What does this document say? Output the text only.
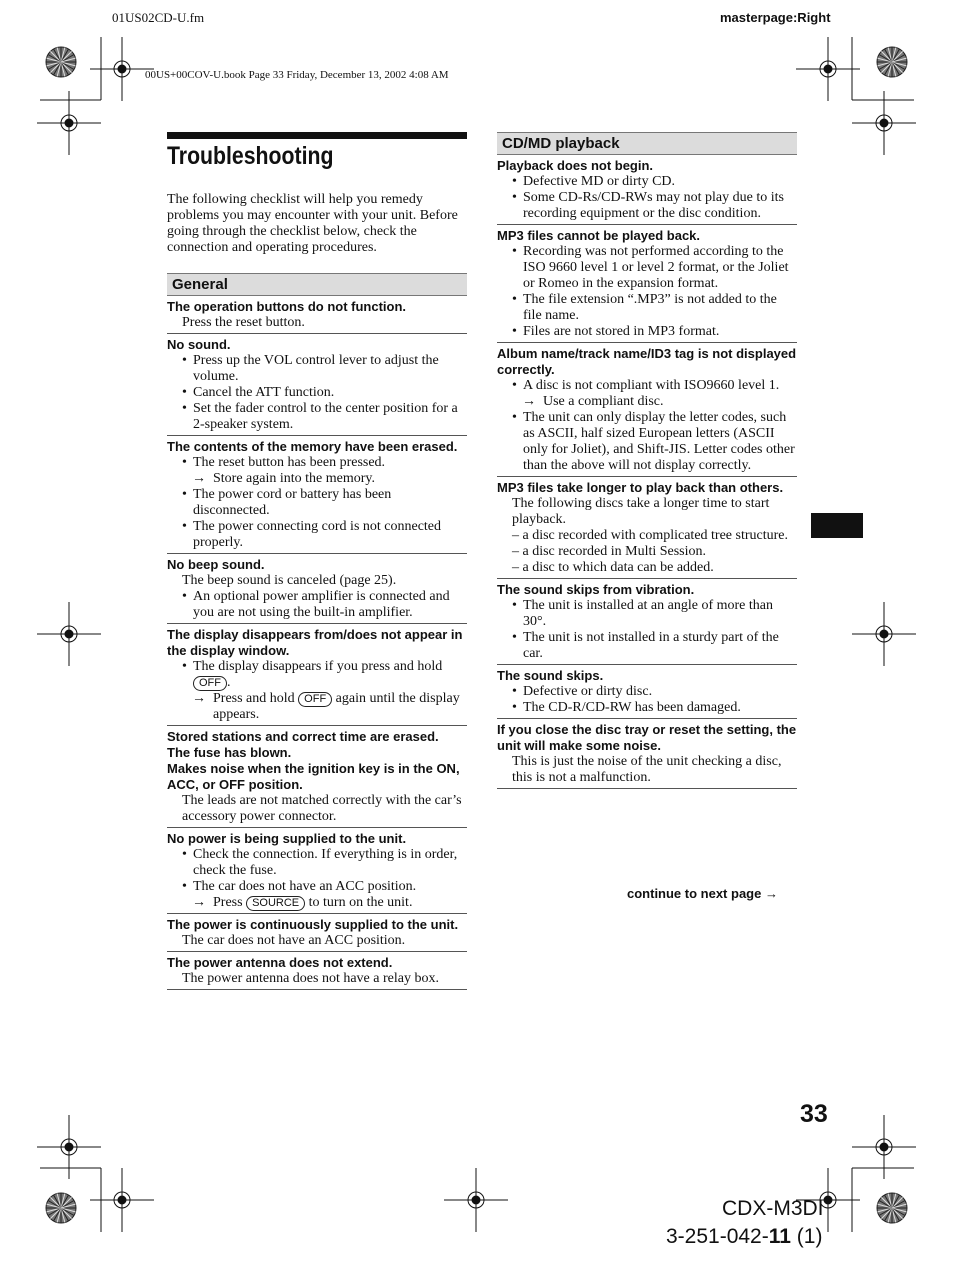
01US02CD-U.fm	masterpage:Right
00US+00COV-U.book Page 33 Friday, December 13, 2002 4:08 AM
Troubleshooting
The following checklist will help you remedy problems you may encounter with your unit. Before going through the checklist below, check the connection and operating procedures.
General
The operation buttons do not function.
Press the reset button.
No sound.
• Press up the VOL control lever to adjust the volume.
• Cancel the ATT function.
• Set the fader control to the center position for a 2-speaker system.
The contents of the memory have been erased.
• The reset button has been pressed.
→ Store again into the memory.
• The power cord or battery has been disconnected.
• The power connecting cord is not connected properly.
No beep sound.
The beep sound is canceled (page 25).
• An optional power amplifier is connected and you are not using the built-in amplifier.
The display disappears from/does not appear in the display window.
• The display disappears if you press and hold OFF .
→ Press and hold OFF again until the display appears.
Stored stations and correct time are erased.
The fuse has blown.
Makes noise when the ignition key is in the ON, ACC, or OFF position.
The leads are not matched correctly with the car’s accessory power connector.
No power is being supplied to the unit.
• Check the connection. If everything is in order, check the fuse.
• The car does not have an ACC position.
→ Press SOURCE to turn on the unit.
The power is continuously supplied to the unit.
The car does not have an ACC position.
The power antenna does not extend.
The power antenna does not have a relay box.
CD/MD playback
Playback does not begin.
• Defective MD or dirty CD.
• Some CD-Rs/CD-RWs may not play due to its recording equipment or the disc condition.
MP3 files cannot be played back.
• Recording was not performed according to the ISO 9660 level 1 or level 2 format, or the Joliet or Romeo in the expansion format.
• The file extension “.MP3” is not added to the file name.
• Files are not stored in MP3 format.
Album name/track name/ID3 tag is not displayed correctly.
• A disc is not compliant with ISO9660 level 1.
→ Use a compliant disc.
• The unit can only display the letter codes, such as ASCII, half sized European letters (ASCII only for Joliet), and Shift-JIS. Letter codes other than the above will not display correctly.
MP3 files take longer to play back than others.
The following discs take a longer time to start playback.
– a disc recorded with complicated tree structure.
– a disc recorded in Multi Session.
– a disc to which data can be added.
The sound skips from vibration.
• The unit is installed at an angle of more than 30°.
• The unit is not installed in a sturdy part of the car.
The sound skips.
• Defective or dirty disc.
• The CD-R/CD-RW has been damaged.
If you close the disc tray or reset the setting, the unit will make some noise.
This is just the noise of the unit checking a disc, this is not a malfunction.
continue to next page →
33
CDX-M3DI
3-251-042-11 (1)
